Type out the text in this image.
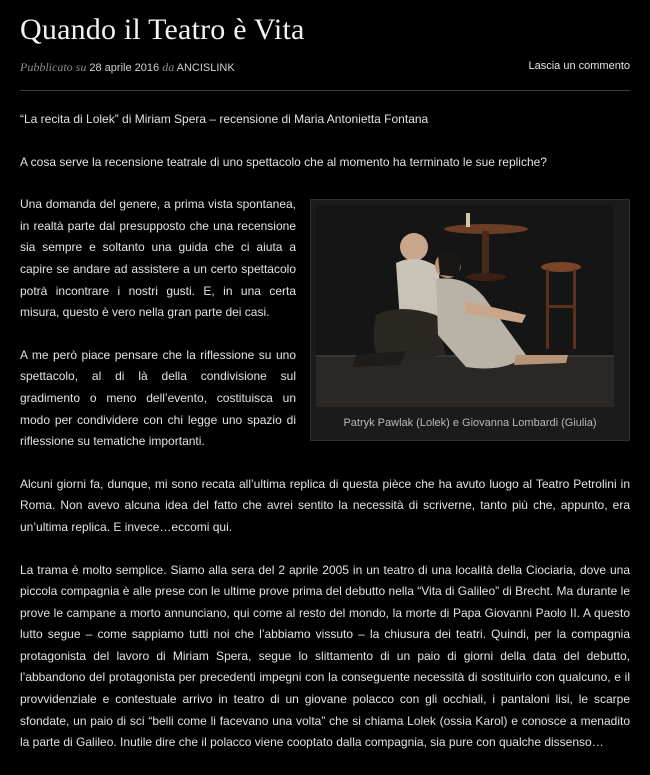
Quando il Teatro è Vita
Pubblicato su 28 aprile 2016 da ANCISLINK	Lascia un commento

“La recita di Lolek” di Miriam Spera – recensione di Maria Antonietta Fontana

A cosa serve la recensione teatrale di uno spettacolo che al momento ha terminato le sue repliche?

Patryk Pawlak (Lolek) e Giovanna Lombardi (Giulia)

Una domanda del genere, a prima vista spontanea, in realtà parte dal presupposto che una recensione sia sempre e soltanto una guida che ci aiuta a capire se andare ad assistere a un certo spettacolo potrà incontrare i nostri gusti. E, in una certa misura, questo è vero nella gran parte dei casi.

A me però piace pensare che la riflessione su uno spettacolo, al di là della condivisione sul gradimento o meno dell’evento, costituisca un modo per condividere con chi legge uno spazio di riflessione su tematiche importanti.

Alcuni giorni fa, dunque, mi sono recata all’ultima replica di questa pièce che ha avuto luogo al Teatro Petrolini in Roma. Non avevo alcuna idea del fatto che avrei sentito la necessità di scriverne, tanto più che, appunto, era un’ultima replica. E invece…eccomi qui.

La trama è molto semplice. Siamo alla sera del 2 aprile 2005 in un teatro di una località della Ciociaria, dove una piccola compagnia è alle prese con le ultime prove prima del debutto nella “Vita di Galileo” di Brecht. Ma durante le prove le campane a morto annunciano, qui come al resto del mondo, la morte di Papa Giovanni Paolo II. A questo lutto segue – come sappiamo tutti noi che l’abbiamo vissuto – la chiusura dei teatri. Quindi, per la compagnia protagonista del lavoro di Miriam Spera, segue lo slittamento di un paio di giorni della data del debutto, l’abbandono del protagonista per precedenti impegni con la conseguente necessità di sostituirlo con qualcuno, e il provvidenziale e contestuale arrivo in teatro di un giovane polacco con gli occhiali, i pantaloni lisi, le scarpe sfondate, un paio di sci “belli come li facevano una volta” che si chiama Lolek (ossia Karol) e conosce a menadito la parte di Galileo. Inutile dire che il polacco viene cooptato dalla compagnia, sia pure con qualche dissenso…
